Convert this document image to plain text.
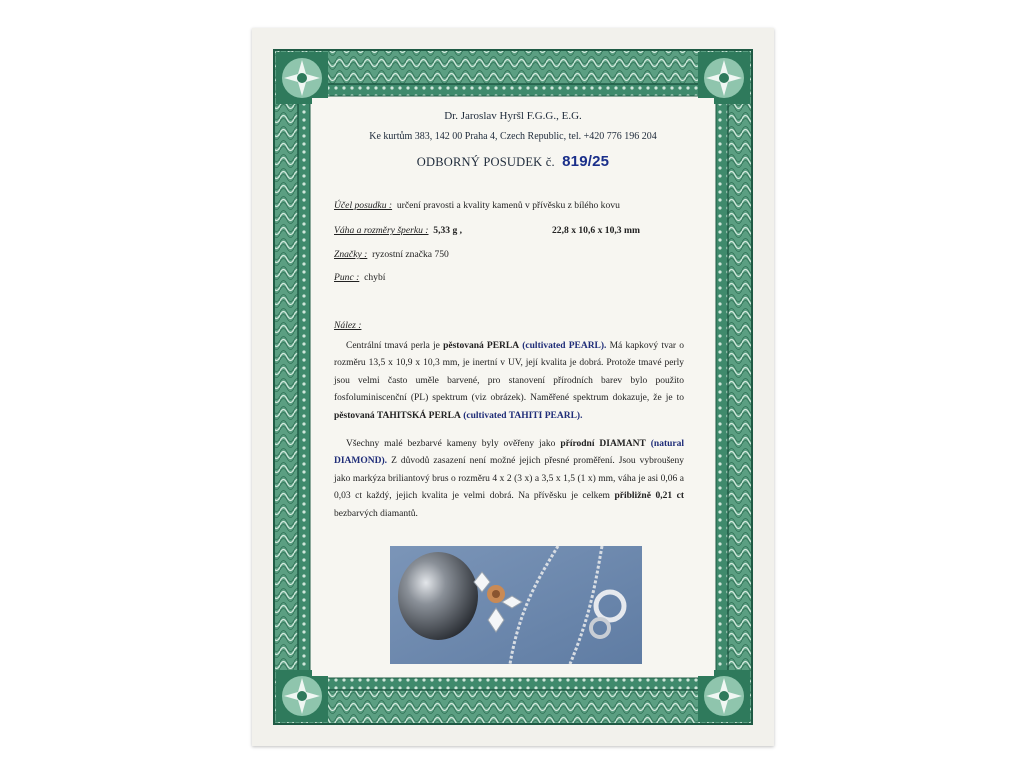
Dr. Jaroslav Hyršl F.G.G., E.G.
Ke kurtům 383, 142 00 Praha 4, Czech Republic, tel. +420 776 196 204
ODBORNÝ POSUDEK č. 819/25
Účel posudku : určení pravosti a kvality kamenů v přívěsku z bílého kovu
Váha a rozměry šperku : 5,33 g ,	22,8 x 10,6 x 10,3 mm
Značky : ryzostní značka 750
Punc : chybí
Nález :
Centrální tmavá perla je pěstovaná PERLA (cultivated PEARL). Má kapkový tvar o rozměru 13,5 x 10,9 x 10,3 mm, je inertní v UV, její kvalita je dobrá. Protože tmavé perly jsou velmi často uměle barvené, pro stanovení přírodních barev bylo použito fosfoluminiscenční (PL) spektrum (viz obrázek). Naměřené spektrum dokazuje, že je to pěstovaná TAHITSKÁ PERLA (cultivated TAHITI PEARL).
Všechny malé bezbarvé kameny byly ověřeny jako přírodní DIAMANT (natural DIAMOND). Z důvodů zasazení není možné jejich přesné proměření. Jsou vybroušeny jako markýza briliantový brus o rozměru 4 x 2 (3 x) a 3,5 x 1,5 (1 x) mm, váha je asi 0,06 a 0,03 ct každý, jejich kvalita je velmi dobrá. Na přívěsku je celkem přibližně 0,21 ct bezbarvých diamantů.
